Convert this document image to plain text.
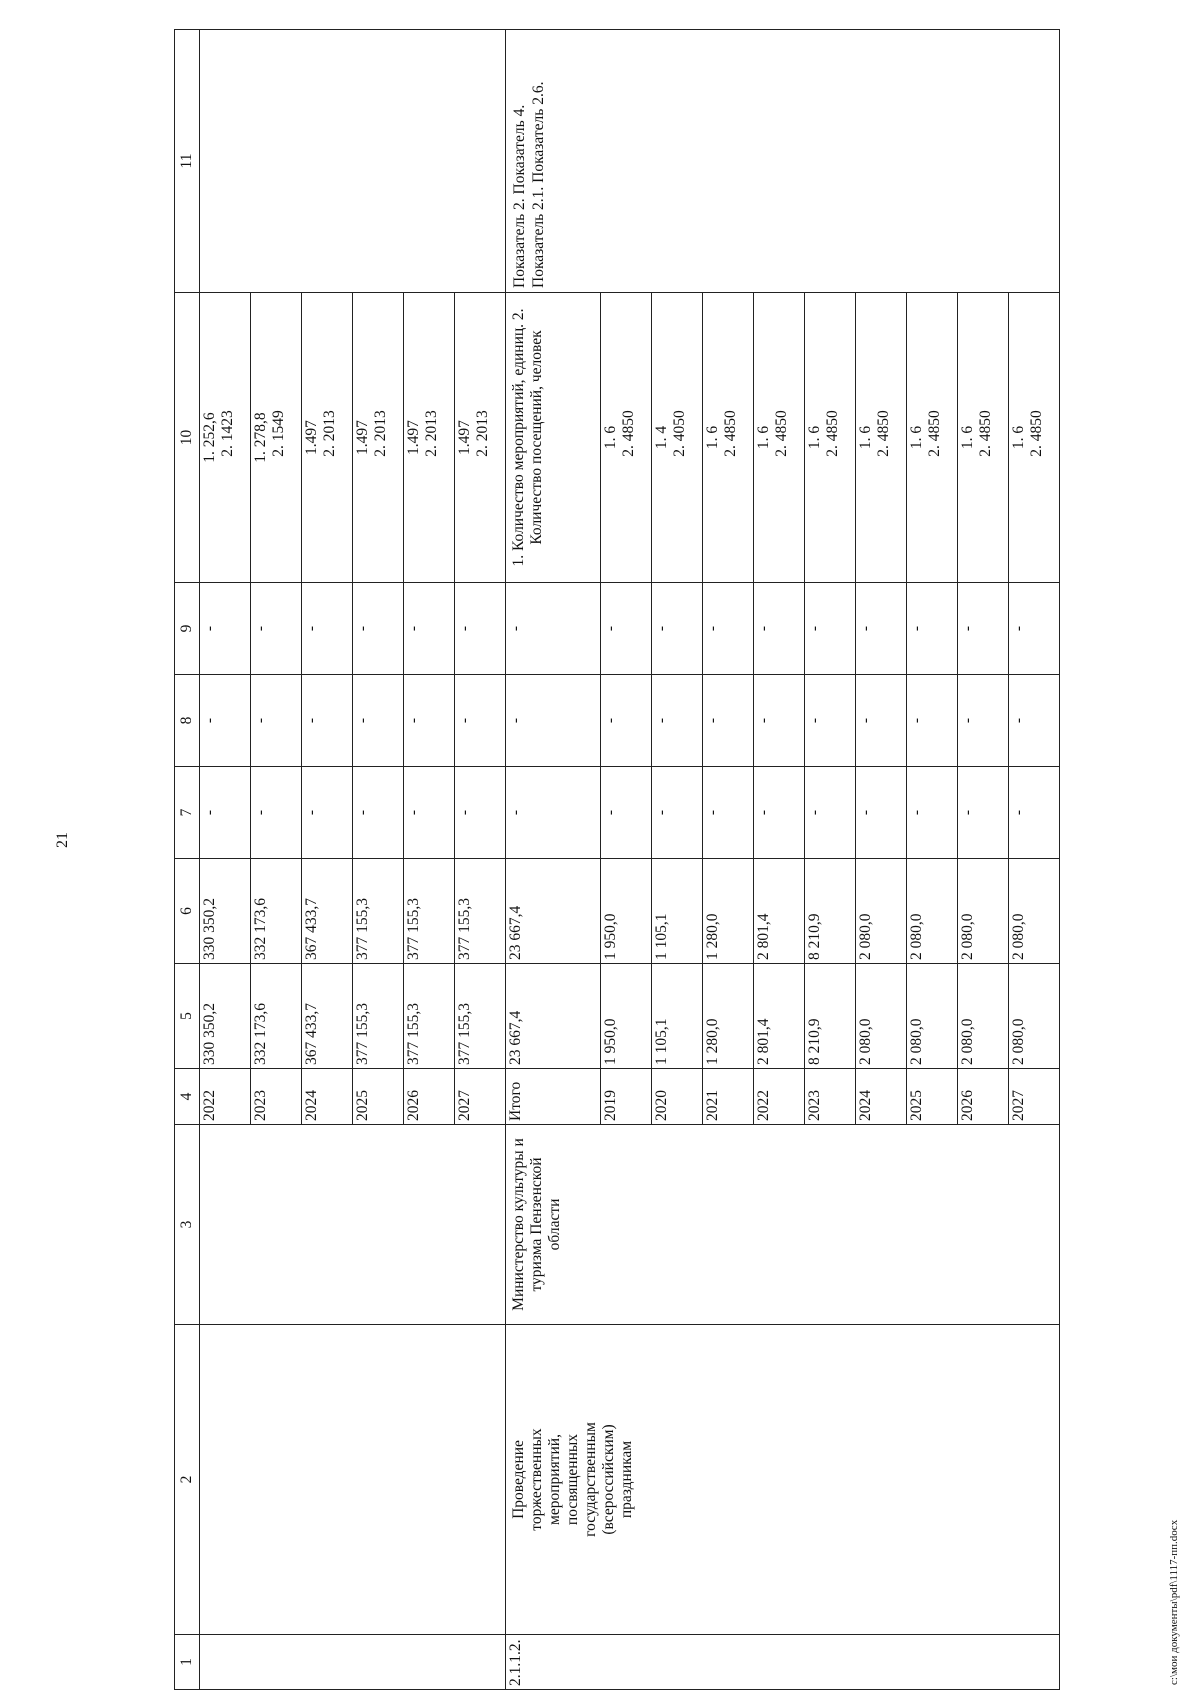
21
1	2	3	4	5	6	7	8	9	10	11
			2022	330 350,2	330 350,2	-	-	-	1. 252,6 2. 1423	

			2023	332 173,6	332 173,6	-	-	-	1. 278,8 2. 1549	

			2024	367 433,7	367 433,7	-	-	-	1.497 2. 2013	

			2025	377 155,3	377 155,3	-	-	-	1.497 2. 2013	

			2026	377 155,3	377 155,3	-	-	-	1.497 2. 2013	

			2027	377 155,3	377 155,3	-	-	-	1.497 2. 2013	

2.1.1.2.	Проведение торжественных мероприятий, посвященных государственным (всероссийским) праздникам	Министерство культуры и туризма Пензенской области	Итого	23 667,4	23 667,4	-	-	-	1. Количество мероприятий, единиц. 2. Количество посещений, человек	Показатель 2. Показатель 4. Показатель 2.1. Показатель 2.6.
			2019	1 950,0	1 950,0	-	-	-	1. 6 2. 4850	

			2020	1 105,1	1 105,1	-	-	-	1. 4 2. 4050	

			2021	1 280,0	1 280,0	-	-	-	1. 6 2. 4850	

			2022	2 801,4	2 801,4	-	-	-	1. 6 2. 4850	

			2023	8 210,9	8 210,9	-	-	-	1. 6 2. 4850	

			2024	2 080,0	2 080,0	-	-	-	1. 6 2. 4850	

			2025	2 080,0	2 080,0	-	-	-	1. 6 2. 4850	

			2026	2 080,0	2 080,0	-	-	-	1. 6 2. 4850	

			2027	2 080,0	2 080,0	-	-	-	1. 6 2. 4850	
c:\мои документы\pdf\1117-пп.docx
